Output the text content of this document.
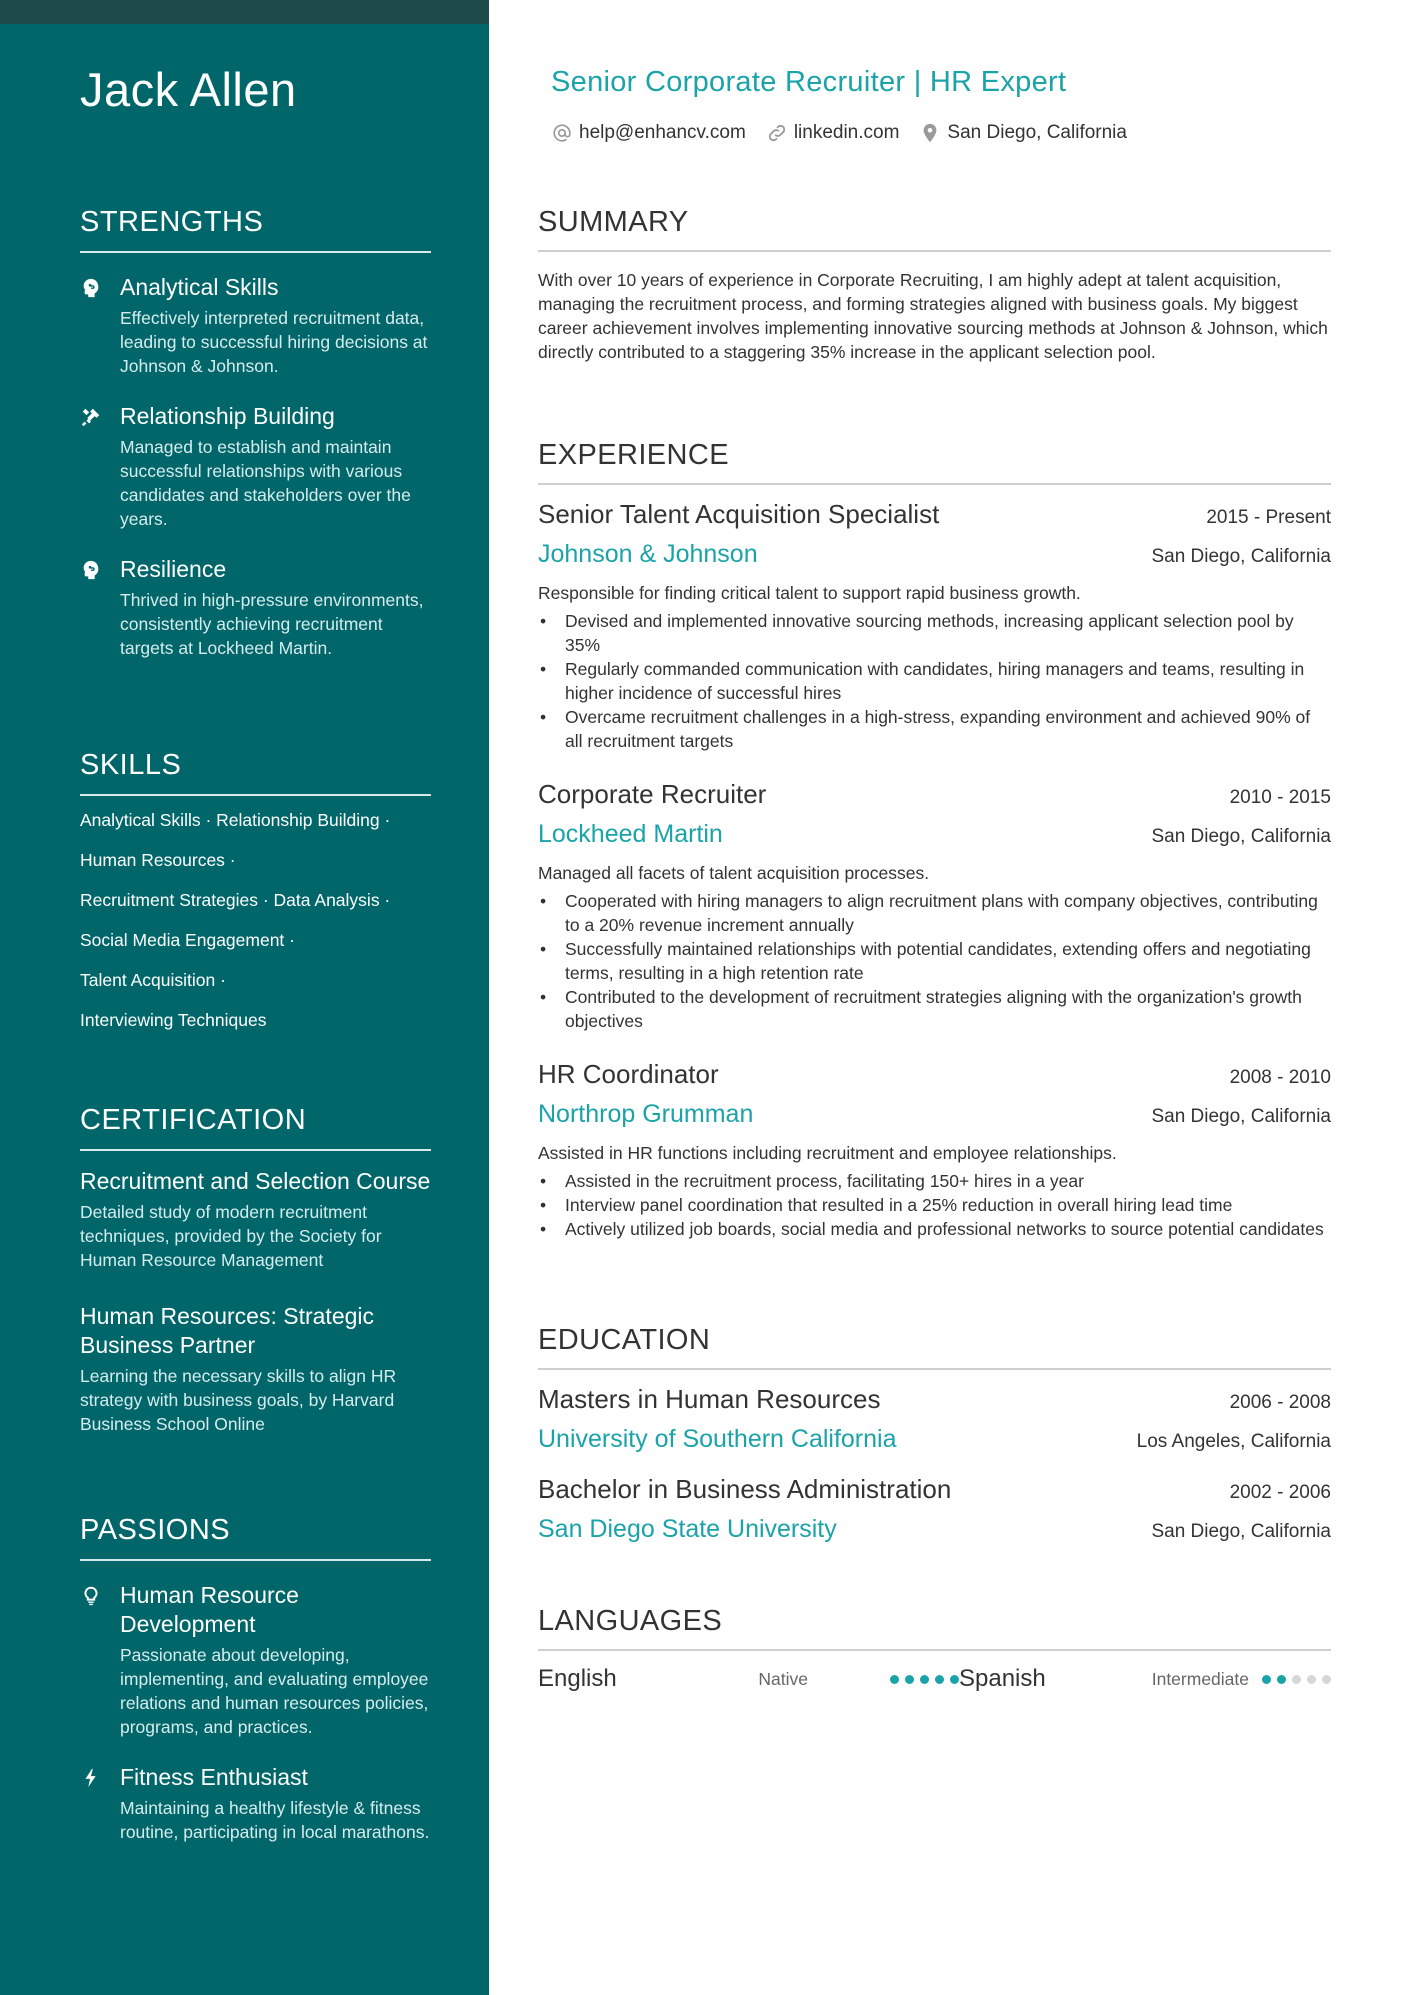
Jack Allen
STRENGTHS
Analytical Skills
Effectively interpreted recruitment data, leading to successful hiring decisions at Johnson & Johnson.
Relationship Building
Managed to establish and maintain successful relationships with various candidates and stakeholders over the years.
Resilience
Thrived in high-pressure environments, consistently achieving recruitment targets at Lockheed Martin.
SKILLS
Analytical Skills · Relationship Building ·
Human Resources ·
Recruitment Strategies · Data Analysis ·
Social Media Engagement ·
Talent Acquisition ·
Interviewing Techniques
CERTIFICATION
Recruitment and Selection Course
Detailed study of modern recruitment techniques, provided by the Society for Human Resource Management
Human Resources: Strategic Business Partner
Learning the necessary skills to align HR strategy with business goals, by Harvard Business School Online
PASSIONS
Human Resource Development
Passionate about developing, implementing, and evaluating employee relations and human resources policies, programs, and practices.
Fitness Enthusiast
Maintaining a healthy lifestyle & fitness routine, participating in local marathons.
Senior Corporate Recruiter | HR Expert
help@enhancv.com	linkedin.com	San Diego, California
SUMMARY
With over 10 years of experience in Corporate Recruiting, I am highly adept at talent acquisition, managing the recruitment process, and forming strategies aligned with business goals. My biggest career achievement involves implementing innovative sourcing methods at Johnson & Johnson, which directly contributed to a staggering 35% increase in the applicant selection pool.
EXPERIENCE
Senior Talent Acquisition Specialist	2015 - Present
Johnson & Johnson	San Diego, California
Responsible for finding critical talent to support rapid business growth.
• Devised and implemented innovative sourcing methods, increasing applicant selection pool by 35%
• Regularly commanded communication with candidates, hiring managers and teams, resulting in higher incidence of successful hires
• Overcame recruitment challenges in a high-stress, expanding environment and achieved 90% of all recruitment targets
Corporate Recruiter	2010 - 2015
Lockheed Martin	San Diego, California
Managed all facets of talent acquisition processes.
• Cooperated with hiring managers to align recruitment plans with company objectives, contributing to a 20% revenue increment annually
• Successfully maintained relationships with potential candidates, extending offers and negotiating terms, resulting in a high retention rate
• Contributed to the development of recruitment strategies aligning with the organization's growth objectives
HR Coordinator	2008 - 2010
Northrop Grumman	San Diego, California
Assisted in HR functions including recruitment and employee relationships.
• Assisted in the recruitment process, facilitating 150+ hires in a year
• Interview panel coordination that resulted in a 25% reduction in overall hiring lead time
• Actively utilized job boards, social media and professional networks to source potential candidates
EDUCATION
Masters in Human Resources	2006 - 2008
University of Southern California	Los Angeles, California
Bachelor in Business Administration	2002 - 2006
San Diego State University	San Diego, California
LANGUAGES
English	Native	Spanish	Intermediate
